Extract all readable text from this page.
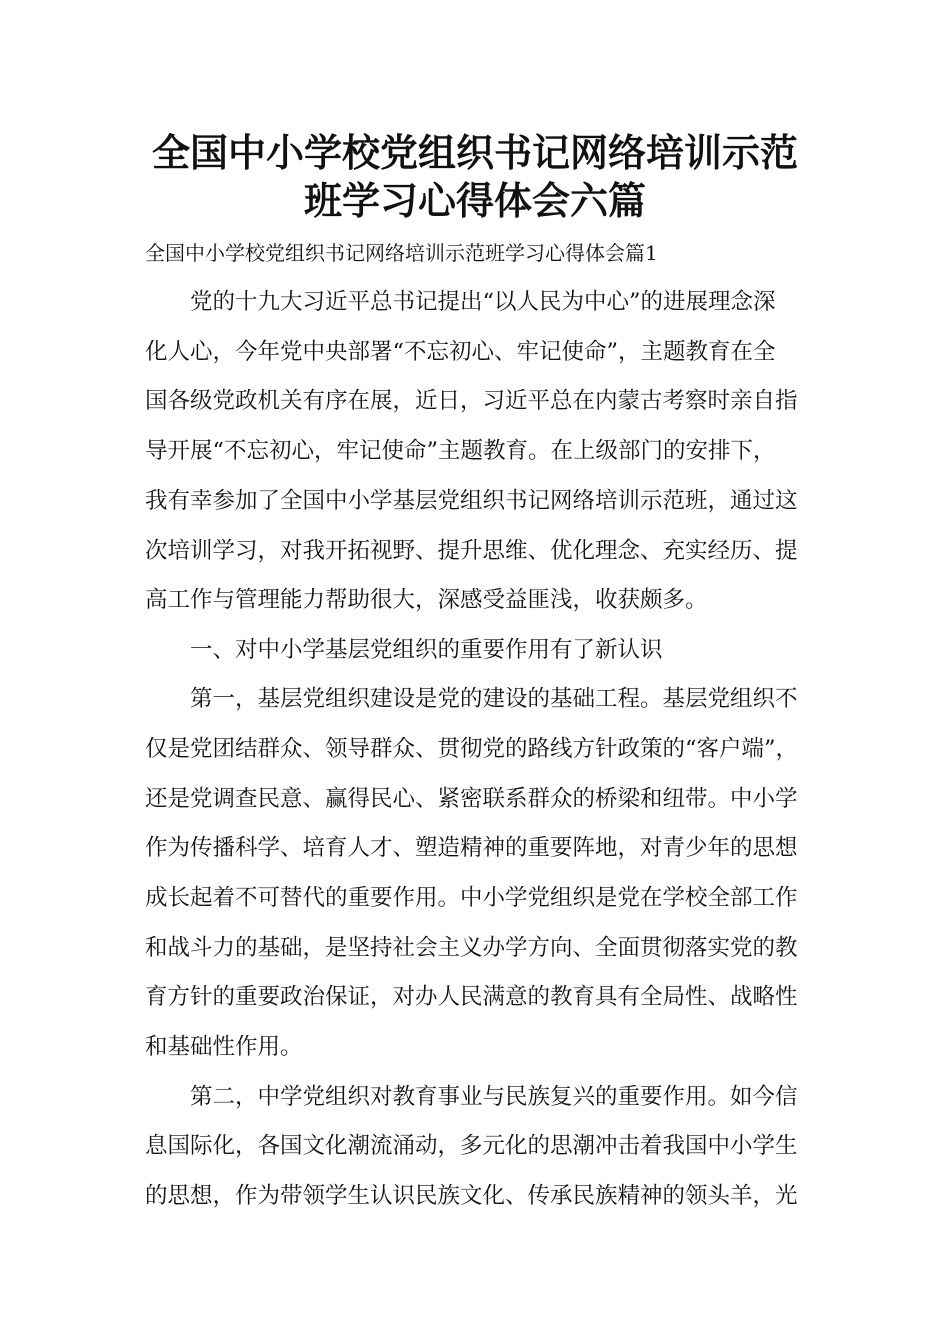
全国中小学校党组织书记网络培训示范
班学习心得体会六篇
全国中小学校党组织书记网络培训示范班学习心得体会篇1
党的十九大习近平总书记提出“以人民为中心”的进展理念深
化人心，今年党中央部署“不忘初心、牢记使命”，主题教育在全
国各级党政机关有序在展，近日，习近平总在内蒙古考察时亲自指
导开展“不忘初心，牢记使命”主题教育。在上级部门的安排下，
我有幸参加了全国中小学基层党组织书记网络培训示范班，通过这
次培训学习，对我开拓视野、提升思维、优化理念、充实经历、提
高工作与管理能力帮助很大，深感受益匪浅，收获颇多。
一、对中小学基层党组织的重要作用有了新认识
第一，基层党组织建设是党的建设的基础工程。基层党组织不
仅是党团结群众、领导群众、贯彻党的路线方针政策的“客户端”，
还是党调查民意、赢得民心、紧密联系群众的桥梁和纽带。中小学
作为传播科学、培育人才、塑造精神的重要阵地，对青少年的思想
成长起着不可替代的重要作用。中小学党组织是党在学校全部工作
和战斗力的基础，是坚持社会主义办学方向、全面贯彻落实党的教
育方针的重要政治保证，对办人民满意的教育具有全局性、战略性
和基础性作用。
第二，中学党组织对教育事业与民族复兴的重要作用。如今信
息国际化，各国文化潮流涌动，多元化的思潮冲击着我国中小学生
的思想，作为带领学生认识民族文化、传承民族精神的领头羊，光
